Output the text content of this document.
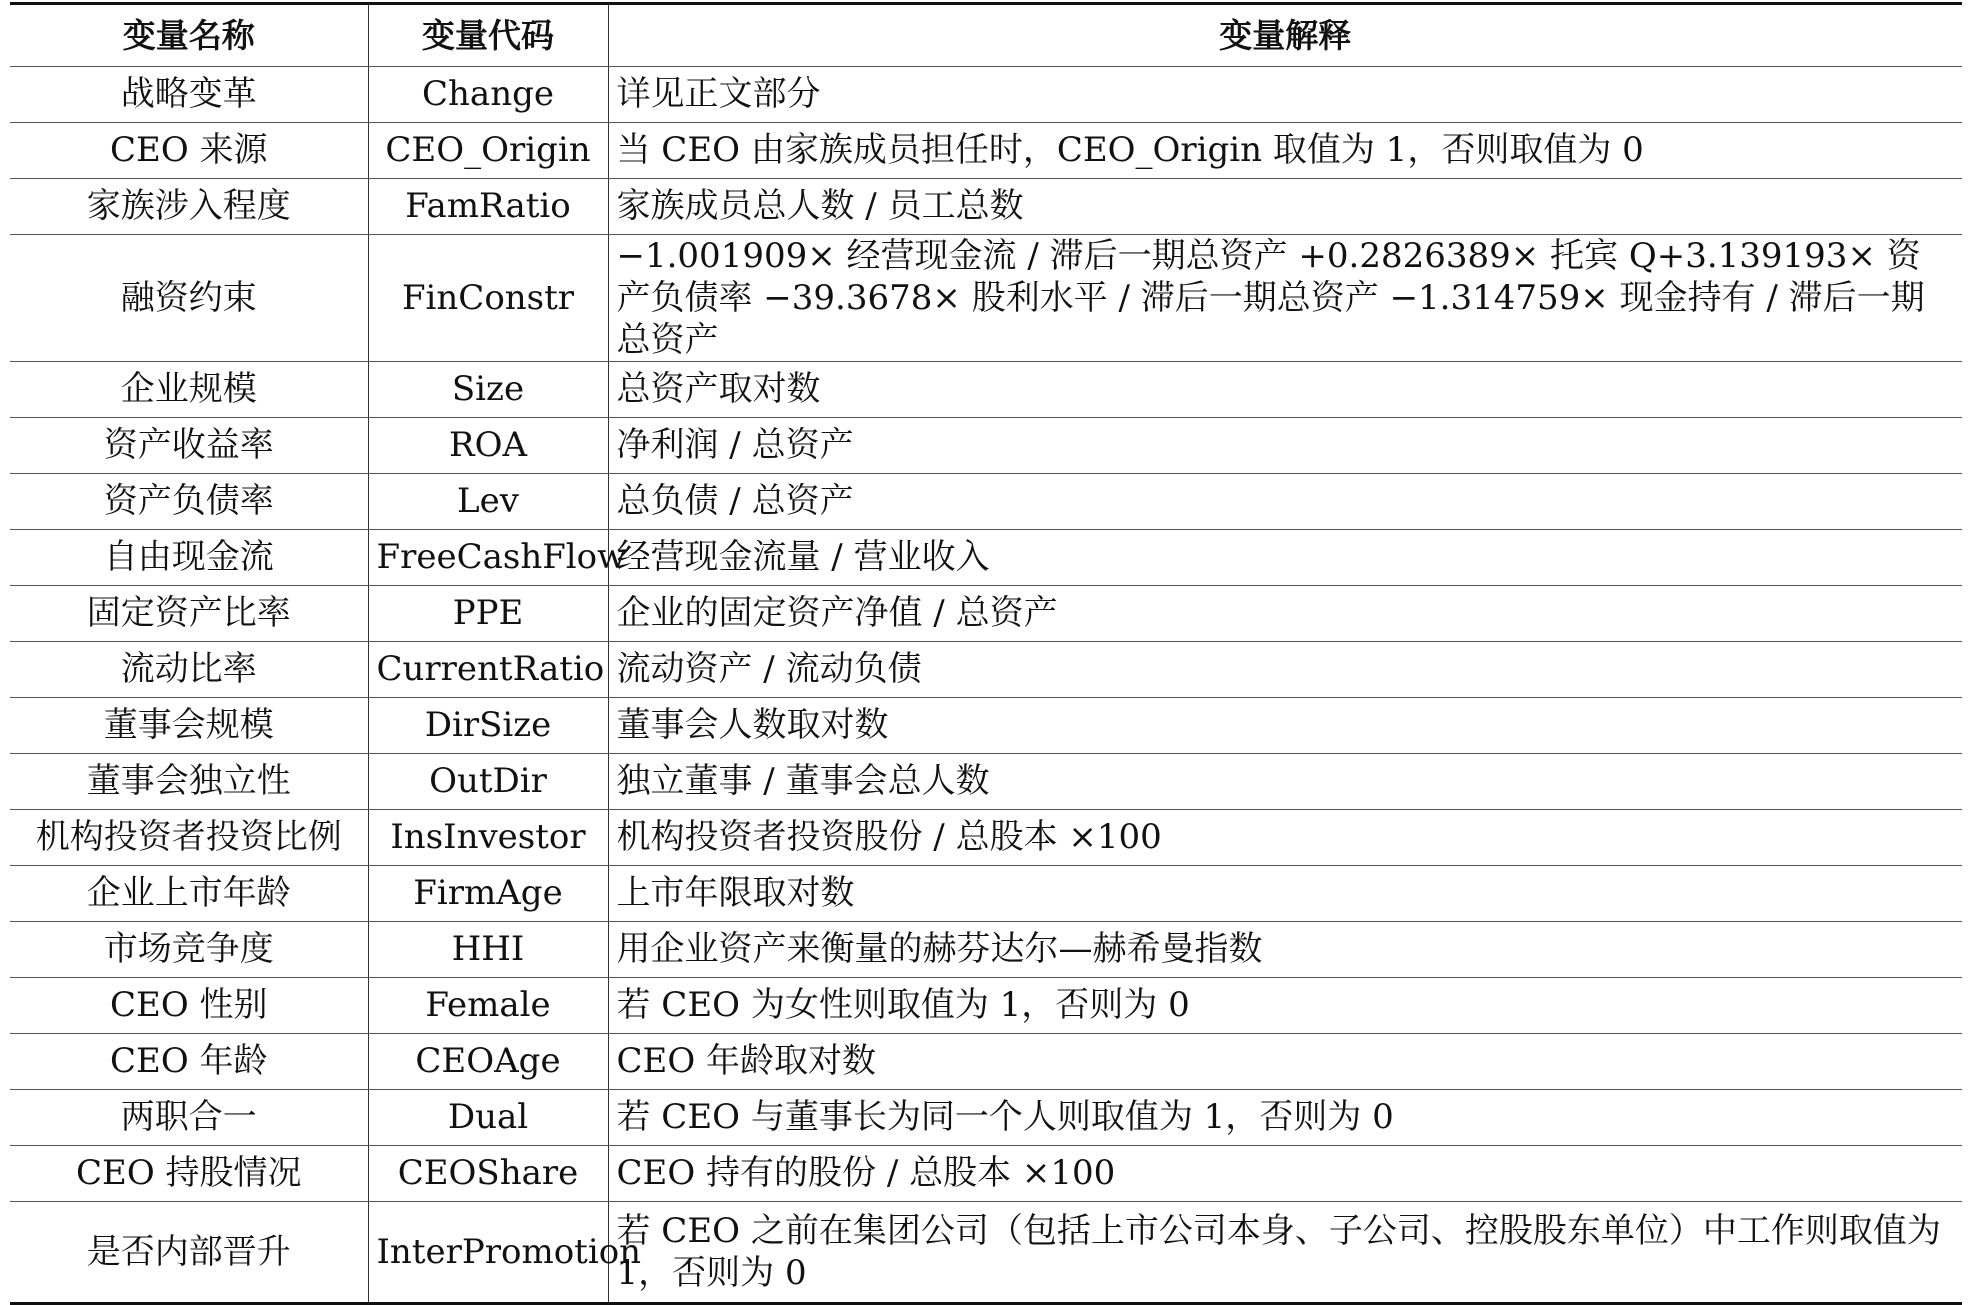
变量名称	变量代码	变量解释
战略变革	Change	详见正文部分
CEO 来源	CEO_Origin	当 CEO 由家族成员担任时，CEO_Origin 取值为 1，否则取值为 0
家族涉入程度	FamRatio	家族成员总人数 / 员工总数
融资约束	FinConstr	−1.001909× 经营现金流 / 滞后一期总资产 +0.2826389× 托宾 Q+3.139193× 资产负债率 −39.3678× 股利水平 / 滞后一期总资产 −1.314759× 现金持有 / 滞后一期总资产
企业规模	Size	总资产取对数
资产收益率	ROA	净利润 / 总资产
资产负债率	Lev	总负债 / 总资产
自由现金流	FreeCashFlow	经营现金流量 / 营业收入
固定资产比率	PPE	企业的固定资产净值 / 总资产
流动比率	CurrentRatio	流动资产 / 流动负债
董事会规模	DirSize	董事会人数取对数
董事会独立性	OutDir	独立董事 / 董事会总人数
机构投资者投资比例	InsInvestor	机构投资者投资股份 / 总股本 ×100
企业上市年龄	FirmAge	上市年限取对数
市场竞争度	HHI	用企业资产来衡量的赫芬达尔—赫希曼指数
CEO 性别	Female	若 CEO 为女性则取值为 1，否则为 0
CEO 年龄	CEOAge	CEO 年龄取对数
两职合一	Dual	若 CEO 与董事长为同一个人则取值为 1，否则为 0
CEO 持股情况	CEOShare	CEO 持有的股份 / 总股本 ×100
是否内部晋升	InterPromotion	若 CEO 之前在集团公司（包括上市公司本身、子公司、控股股东单位）中工作则取值为 1，否则为 0
